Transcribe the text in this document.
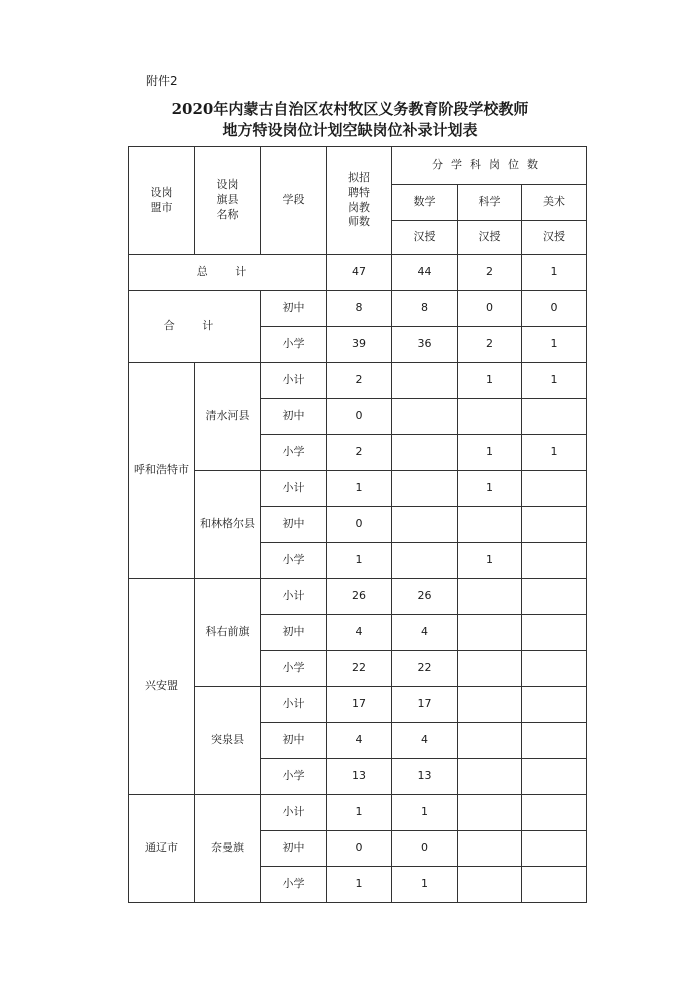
附件2
2020年内蒙古自治区农村牧区义务教育阶段学校教师
地方特设岗位计划空缺岗位补录计划表
设岗
盟市	设岗
旗县
名称	学段	拟招
聘特
岗教
师数	分学科岗位数		
				数学	科学	美术
				汉授	汉授	汉授
总 计			47	44	2	1
合 计		初中	8	8	0	0
		小学	39	36	2	1
呼和浩特市	清水河县	小计	2		1	1
		初中	0			
		小学	2		1	1
	和林格尔县	小计	1		1	
		初中	0			
		小学	1		1	
兴安盟	科右前旗	小计	26	26		
		初中	4	4		
		小学	22	22		
	突泉县	小计	17	17		
		初中	4	4		
		小学	13	13		
通辽市	奈曼旗	小计	1	1		
		初中	0	0		
		小学	1	1		
